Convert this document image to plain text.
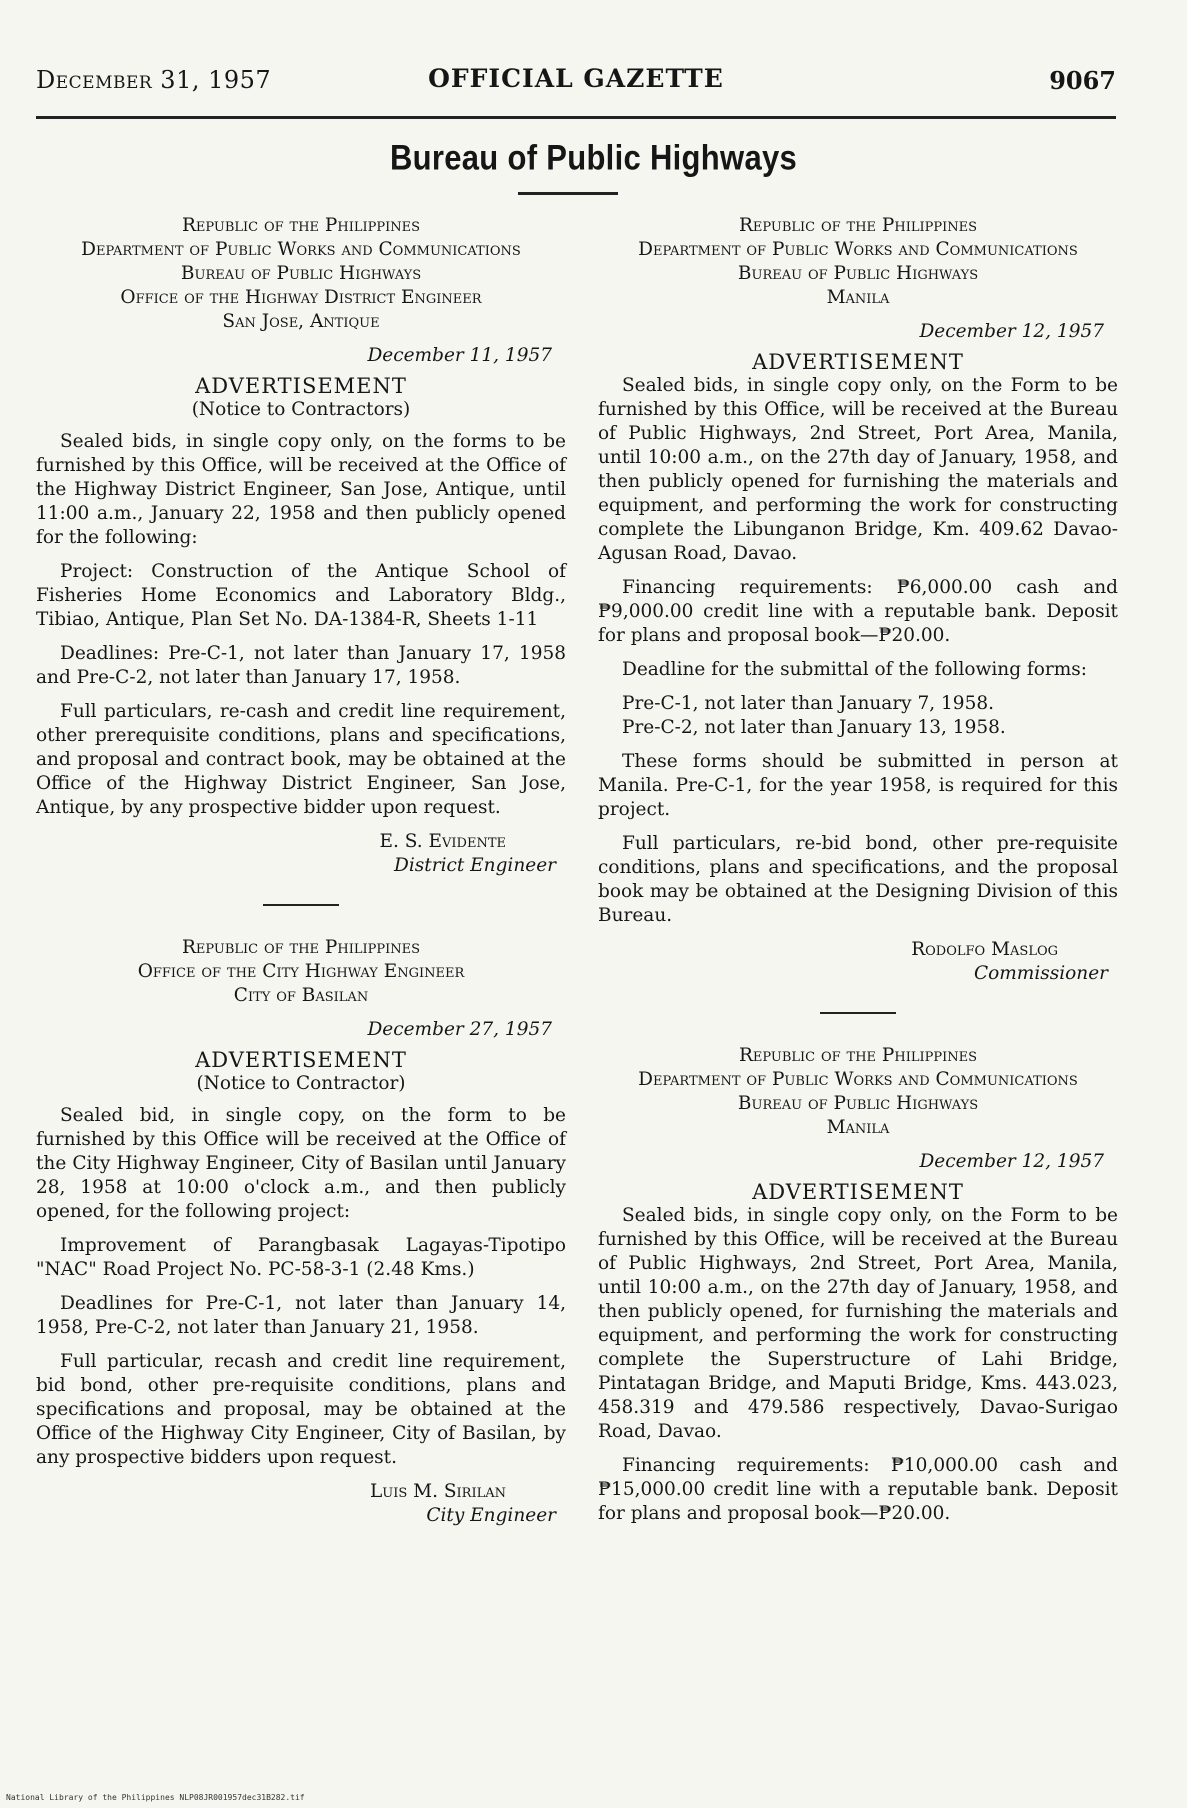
December 31, 1957	OFFICIAL GAZETTE	9067
Bureau of Public Highways
Republic of the Philippines
Department of Public Works and Communications
Bureau of Public Highways
Office of the Highway District Engineer
San Jose, Antique
December 11, 1957
ADVERTISEMENT
(Notice to Contractors)

Sealed bids, in single copy only, on the forms to be furnished by this Office, will be received at the Office of the Highway District Engineer, San Jose, Antique, until 11:00 a.m., January 22, 1958 and then publicly opened for the following:

Project: Construction of the Antique School of Fisheries Home Economics and Laboratory Bldg., Tibiao, Antique, Plan Set No. DA-1384-R, Sheets 1-11

Deadlines: Pre-C-1, not later than January 17, 1958 and Pre-C-2, not later than January 17, 1958.

Full particulars, re-cash and credit line requirement, other prerequisite conditions, plans and specifications, and proposal and contract book, may be obtained at the Office of the Highway District Engineer, San Jose, Antique, by any prospective bidder upon request.

E. S. Evidente
District Engineer
Republic of the Philippines
Office of the City Highway Engineer
City of Basilan
December 27, 1957
ADVERTISEMENT
(Notice to Contractor)

Sealed bid, in single copy, on the form to be furnished by this Office will be received at the Office of the City Highway Engineer, City of Basilan until January 28, 1958 at 10:00 o'clock a.m., and then publicly opened, for the following project:

Improvement of Parangbasak Lagayas-Tipotipo "NAC" Road Project No. PC-58-3-1 (2.48 Kms.)

Deadlines for Pre-C-1, not later than January 14, 1958, Pre-C-2, not later than January 21, 1958.

Full particular, recash and credit line requirement, bid bond, other pre-requisite conditions, plans and specifications and proposal, may be obtained at the Office of the Highway City Engineer, City of Basilan, by any prospective bidders upon request.

Luis M. Sirilan
City Engineer
Republic of the Philippines
Department of Public Works and Communications
Bureau of Public Highways
Manila
December 12, 1957
ADVERTISEMENT

Sealed bids, in single copy only, on the Form to be furnished by this Office, will be received at the Bureau of Public Highways, 2nd Street, Port Area, Manila, until 10:00 a.m., on the 27th day of January, 1958, and then publicly opened for furnishing the materials and equipment, and performing the work for constructing complete the Libunganon Bridge, Km. 409.62 Davao-Agusan Road, Davao.

Financing requirements: ₱6,000.00 cash and ₱9,000.00 credit line with a reputable bank. Deposit for plans and proposal book—₱20.00.

Deadline for the submittal of the following forms:

Pre-C-1, not later than January 7, 1958.

Pre-C-2, not later than January 13, 1958.

These forms should be submitted in person at Manila. Pre-C-1, for the year 1958, is required for this project.

Full particulars, re-bid bond, other pre-requisite conditions, plans and specifications, and the proposal book may be obtained at the Designing Division of this Bureau.

Rodolfo Maslog
Commissioner
Republic of the Philippines
Department of Public Works and Communications
Bureau of Public Highways
Manila
December 12, 1957
ADVERTISEMENT

Sealed bids, in single copy only, on the Form to be furnished by this Office, will be received at the Bureau of Public Highways, 2nd Street, Port Area, Manila, until 10:00 a.m., on the 27th day of January, 1958, and then publicly opened, for furnishing the materials and equipment, and performing the work for constructing complete the Superstructure of Lahi Bridge, Pintatagan Bridge, and Maputi Bridge, Kms. 443.023, 458.319 and 479.586 respectively, Davao-Surigao Road, Davao.

Financing requirements: ₱10,000.00 cash and ₱15,000.00 credit line with a reputable bank. Deposit for plans and proposal book—₱20.00.

National Library of the Philippines NLP08JR001957dec31B282.tif
